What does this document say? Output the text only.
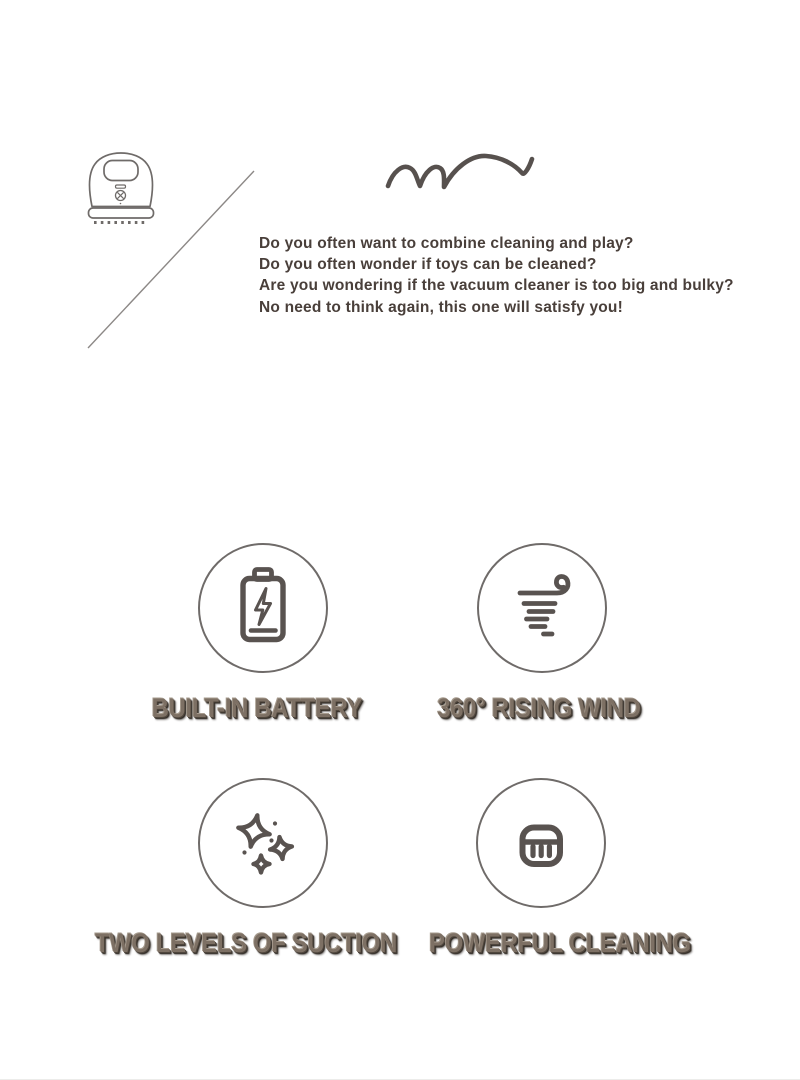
Do you often want to combine cleaning and play?

Do you often wonder if toys can be cleaned?

Are you wondering if the vacuum cleaner is too big and bulky?

No need to think again, this one will satisfy you!

BUILT-IN BATTERY	360° RISING WIND
TWO LEVELS OF SUCTION POWERFUL CLEANING
